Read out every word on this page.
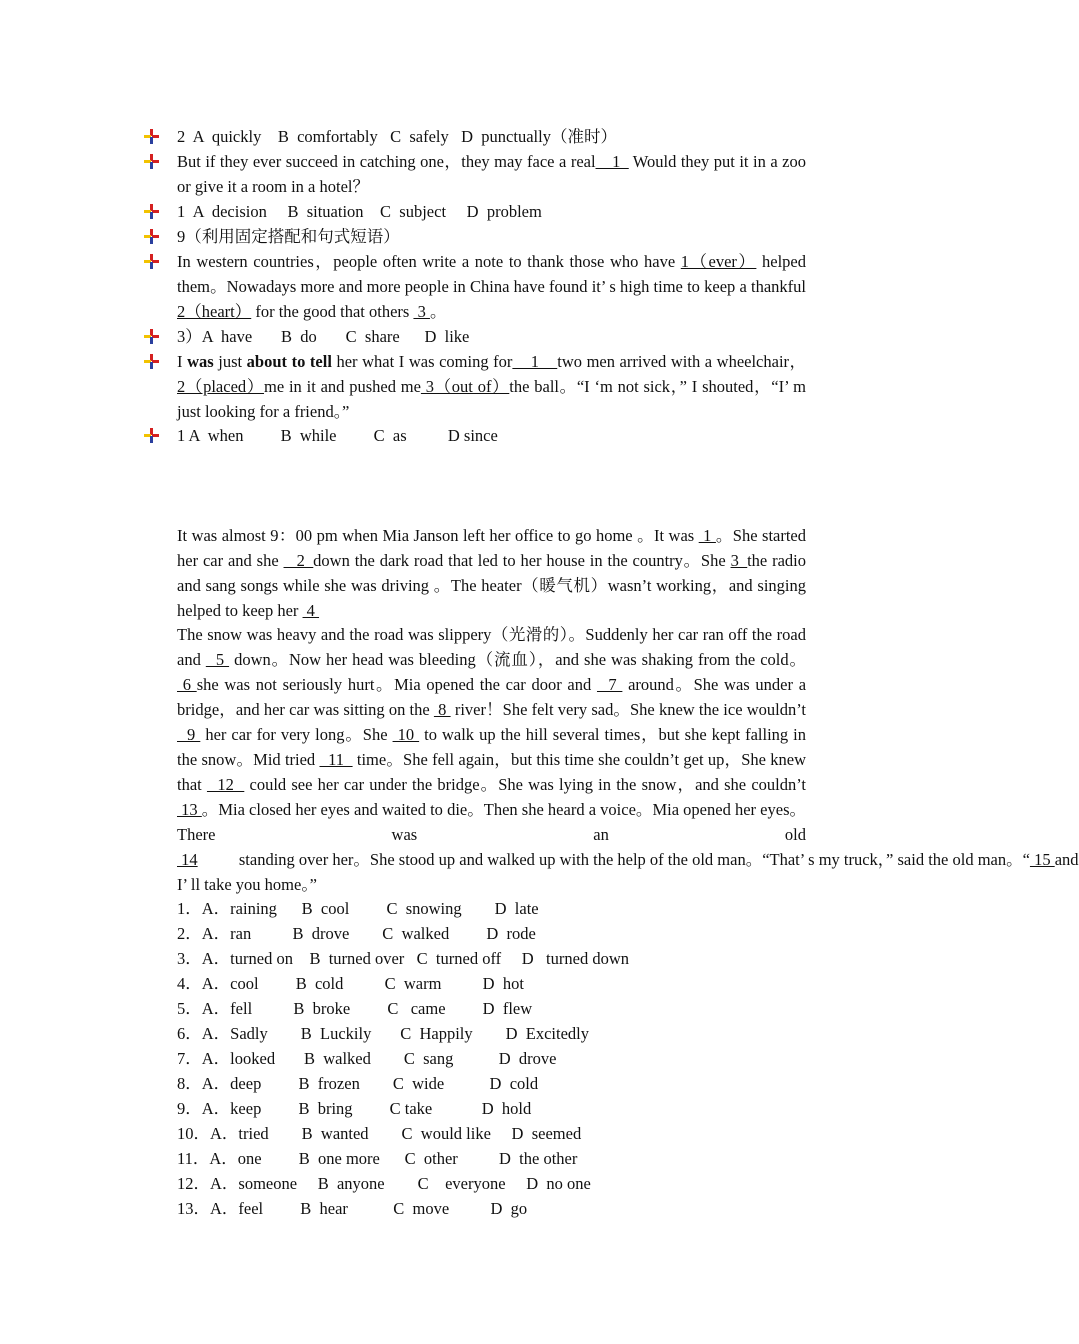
2  A  quickly    B  comfortably   C  safely   D  punctually（准时）
But if they ever succeed in catching one，they may face a real__1_ Would they put it in a zoo or give it a room in a hotel？
1  A  decision     B  situation    C  subject     D  problem
9（利用固定搭配和句式短语）
In western countries，people often write a note to thank those who have 1（ever） helped them。Nowadays more and more people in China have found it’ s high time to keep a thankful 2（heart） for the good that others  3 。
3）A  have       B  do       C  share      D  like
I was just about to tell her what I was coming for    1    two men arrived with a wheelchair， 2（placed）me in it and pushed me 3（out of）the ball。“I ‘m not sick，” I shouted，“I’ m just looking for a friend。”
1 A  when         B  while         C  as          D since
It was almost 9：00 pm when Mia Janson left her office to go home 。It was  1 。She started her car and she  _2_down the dark road that led to her house in the country。She 3_the radio and sang songs while she was driving 。The heater（暖气机）wasn’t working，and singing helped to keep her  4
The snow was heavy and the road was slippery（光滑的）。Suddenly her car ran off the road and   5  down。Now her head was bleeding（流血），and she was shaking from the cold。 6 she was not seriously hurt。Mia opened the car door and   7  around。She was under a bridge，and her car was sitting on the  8  river！She felt very sad。She knew the ice wouldn’t   9  her car for very long。She  10  to walk up the hill several times，but she kept falling in the snow。Mid tried   11   time。She fell again，but this time she couldn’t get up，She knew that   12   could see her car under the bridge。She was lying in the snow，and she couldn’t  13 。Mia closed her eyes and waited to die。Then she heard a voice。Mia opened her eyes。There was an old  14          standing over her。She stood up and walked up with the help of the old man。“That’ s my truck，” said the old man。“ 15 and I’ ll take you home。”
1．A．raining      B  cool         C  snowing        D  late
2．A．ran          B  drove        C  walked         D  rode
3．A．turned on    B  turned over   C  turned off     D   turned down
4．A．cool         B  cold          C  warm          D  hot
5．A．fell          B  broke         C   came         D  flew
6．A．Sadly        B  Luckily       C  Happily        D  Excitedly
7．A．looked       B  walked        C  sang           D  drove
8．A．deep         B  frozen        C  wide           D  cold
9．A．keep         B  bring         C take            D  hold
10．A．tried        B  wanted        C  would like     D  seemed
11．A．one         B  one more      C  other          D  the other
12．A．someone     B  anyone        C    everyone     D  no one
13．A．feel         B  hear           C  move          D  go
